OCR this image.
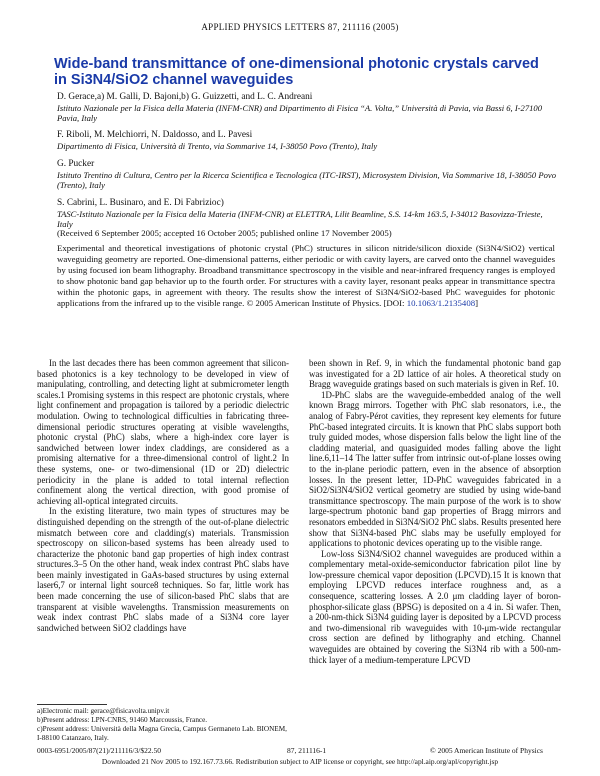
APPLIED PHYSICS LETTERS 87, 211116 (2005)
Wide-band transmittance of one-dimensional photonic crystals carved in Si3N4/SiO2 channel waveguides
D. Gerace,a) M. Galli, D. Bajoni,b) G. Guizzetti, and L. C. Andreani
Istituto Nazionale per la Fisica della Materia (INFM-CNR) and Dipartimento di Fisica “A. Volta,” Università di Pavia, via Bassi 6, I-27100 Pavia, Italy
F. Riboli, M. Melchiorri, N. Daldosso, and L. Pavesi
Dipartimento di Fisica, Università di Trento, via Sommarive 14, I-38050 Povo (Trento), Italy
G. Pucker
Istituto Trentino di Cultura, Centro per la Ricerca Scientifica e Tecnologica (ITC-IRST), Microsystem Division, Via Sommarive 18, I-38050 Povo (Trento), Italy
S. Cabrini, L. Businaro, and E. Di Fabrizioc)
TASC-Istituto Nazionale per la Fisica della Materia (INFM-CNR) at ELETTRA, Lilit Beamline, S.S. 14-km 163.5, I-34012 Basovizza-Trieste, Italy
(Received 6 September 2005; accepted 16 October 2005; published online 17 November 2005)
Experimental and theoretical investigations of photonic crystal (PhC) structures in silicon nitride/silicon dioxide (Si3N4/SiO2) vertical waveguiding geometry are reported. One-dimensional patterns, either periodic or with cavity layers, are carved onto the channel waveguides by using focused ion beam lithography. Broadband transmittance spectroscopy in the visible and near-infrared frequency ranges is employed to show photonic band gap behavior up to the fourth order. For structures with a cavity layer, resonant peaks appear in transmittance spectra within the photonic gaps, in agreement with theory. The results show the interest of Si3N4/SiO2-based PhC waveguides for photonic applications from the infrared up to the visible range. © 2005 American Institute of Physics. [DOI: 10.1063/1.2135408]

In the last decades there has been common agreement that silicon-based photonics is a key technology to be developed in view of manipulating, controlling, and detecting light at submicrometer length scales.1 Promising systems in this respect are photonic crystals, where light confinement and propagation is tailored by a periodic dielectric modulation. Owing to technological difficulties in fabricating three-dimensional periodic structures operating at visible wavelengths, photonic crystal (PhC) slabs, where a high-index core layer is sandwiched between lower index claddings, are considered as a promising alternative for a three-dimensional control of light.2 In these systems, one- or two-dimensional (1D or 2D) dielectric periodicity in the plane is added to total internal reflection confinement along the vertical direction, with good promise of achieving all-optical integrated circuits.

In the existing literature, two main types of structures may be distinguished depending on the strength of the out-of-plane dielectric mismatch between core and cladding(s) materials. Transmission spectroscopy on silicon-based systems has been already used to characterize the photonic band gap properties of high index contrast structures.3–5 On the other hand, weak index contrast PhC slabs have been mainly investigated in GaAs-based structures by using external laser6,7 or internal light source8 techniques. So far, little work has been made concerning the use of silicon-based PhC slabs that are transparent at visible wavelengths. Transmission measurements on weak index contrast PhC slabs made of a Si3N4 core layer sandwiched between SiO2 claddings have

been shown in Ref. 9, in which the fundamental photonic band gap was investigated for a 2D lattice of air holes. A theoretical study on Bragg waveguide gratings based on such materials is given in Ref. 10.

1D-PhC slabs are the waveguide-embedded analog of the well known Bragg mirrors. Together with PhC slab resonators, i.e., the analog of Fabry-Pérot cavities, they represent key elements for future PhC-based integrated circuits. It is known that PhC slabs support both truly guided modes, whose dispersion falls below the light line of the cladding material, and quasiguided modes falling above the light line.6,11–14 The latter suffer from intrinsic out-of-plane losses owing to the in-plane periodic pattern, even in the absence of absorption losses. In the present letter, 1D-PhC waveguides fabricated in a SiO2/Si3N4/SiO2 vertical geometry are studied by using wide-band transmittance spectroscopy. The main purpose of the work is to show large-spectrum photonic band gap properties of Bragg mirrors and resonators embedded in Si3N4/SiO2 PhC slabs. Results presented here show that Si3N4-based PhC slabs may be usefully employed for applications to photonic devices operating up to the visible range.

Low-loss Si3N4/SiO2 channel waveguides are produced within a complementary metal-oxide-semiconductor fabrication pilot line by low-pressure chemical vapor deposition (LPCVD).15 It is known that employing LPCVD reduces interface roughness and, as a consequence, scattering losses. A 2.0 μm cladding layer of boron-phosphor-silicate glass (BPSG) is deposited on a 4 in. Si wafer. Then, a 200-nm-thick Si3N4 guiding layer is deposited by a LPCVD process and two-dimensional rib waveguides with 10-μm-wide rectangular cross section are defined by lithography and etching. Channel waveguides are obtained by covering the Si3N4 rib with a 500-nm-thick layer of a medium-temperature LPCVD

a)Electronic mail: gerace@fisicavolta.unipv.it
b)Present address: LPN-CNRS, 91460 Marcoussis, France.
c)Present address: Università della Magna Grecia, Campus Germaneto Lab. BIONEM, I-88100 Catanzaro, Italy.
0003-6951/2005/87(21)/211116/3/$22.50	87, 211116-1	© 2005 American Institute of Physics
Downloaded 21 Nov 2005 to 192.167.73.66. Redistribution subject to AIP license or copyright, see http://apl.aip.org/apl/copyright.jsp
